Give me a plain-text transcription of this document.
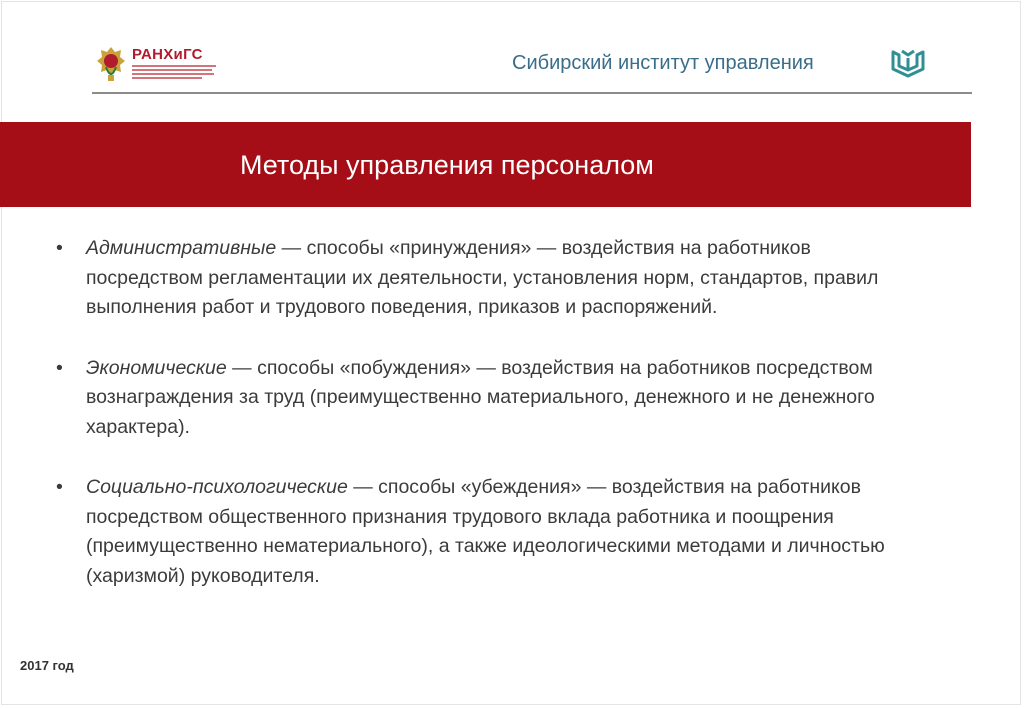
РАНХиГС	Сибирский институт управления
Методы управления персоналом
•	Административные — способы «принуждения» — воздействия на работников посредством регламентации их деятельности, установления норм, стандартов, правил выполнения работ и трудового поведения, приказов и распоряжений.
•	Экономические — способы «побуждения» — воздействия на работников посредством вознаграждения за труд (преимущественно материального, денежного и не денежного характера).
•	Социально-психологические — способы «убеждения» — воздействия на работников посредством общественного признания трудового вклада работника и поощрения (преимущественно нематериального), а также идеологическими методами и личностью (харизмой) руководителя.
2017 год
